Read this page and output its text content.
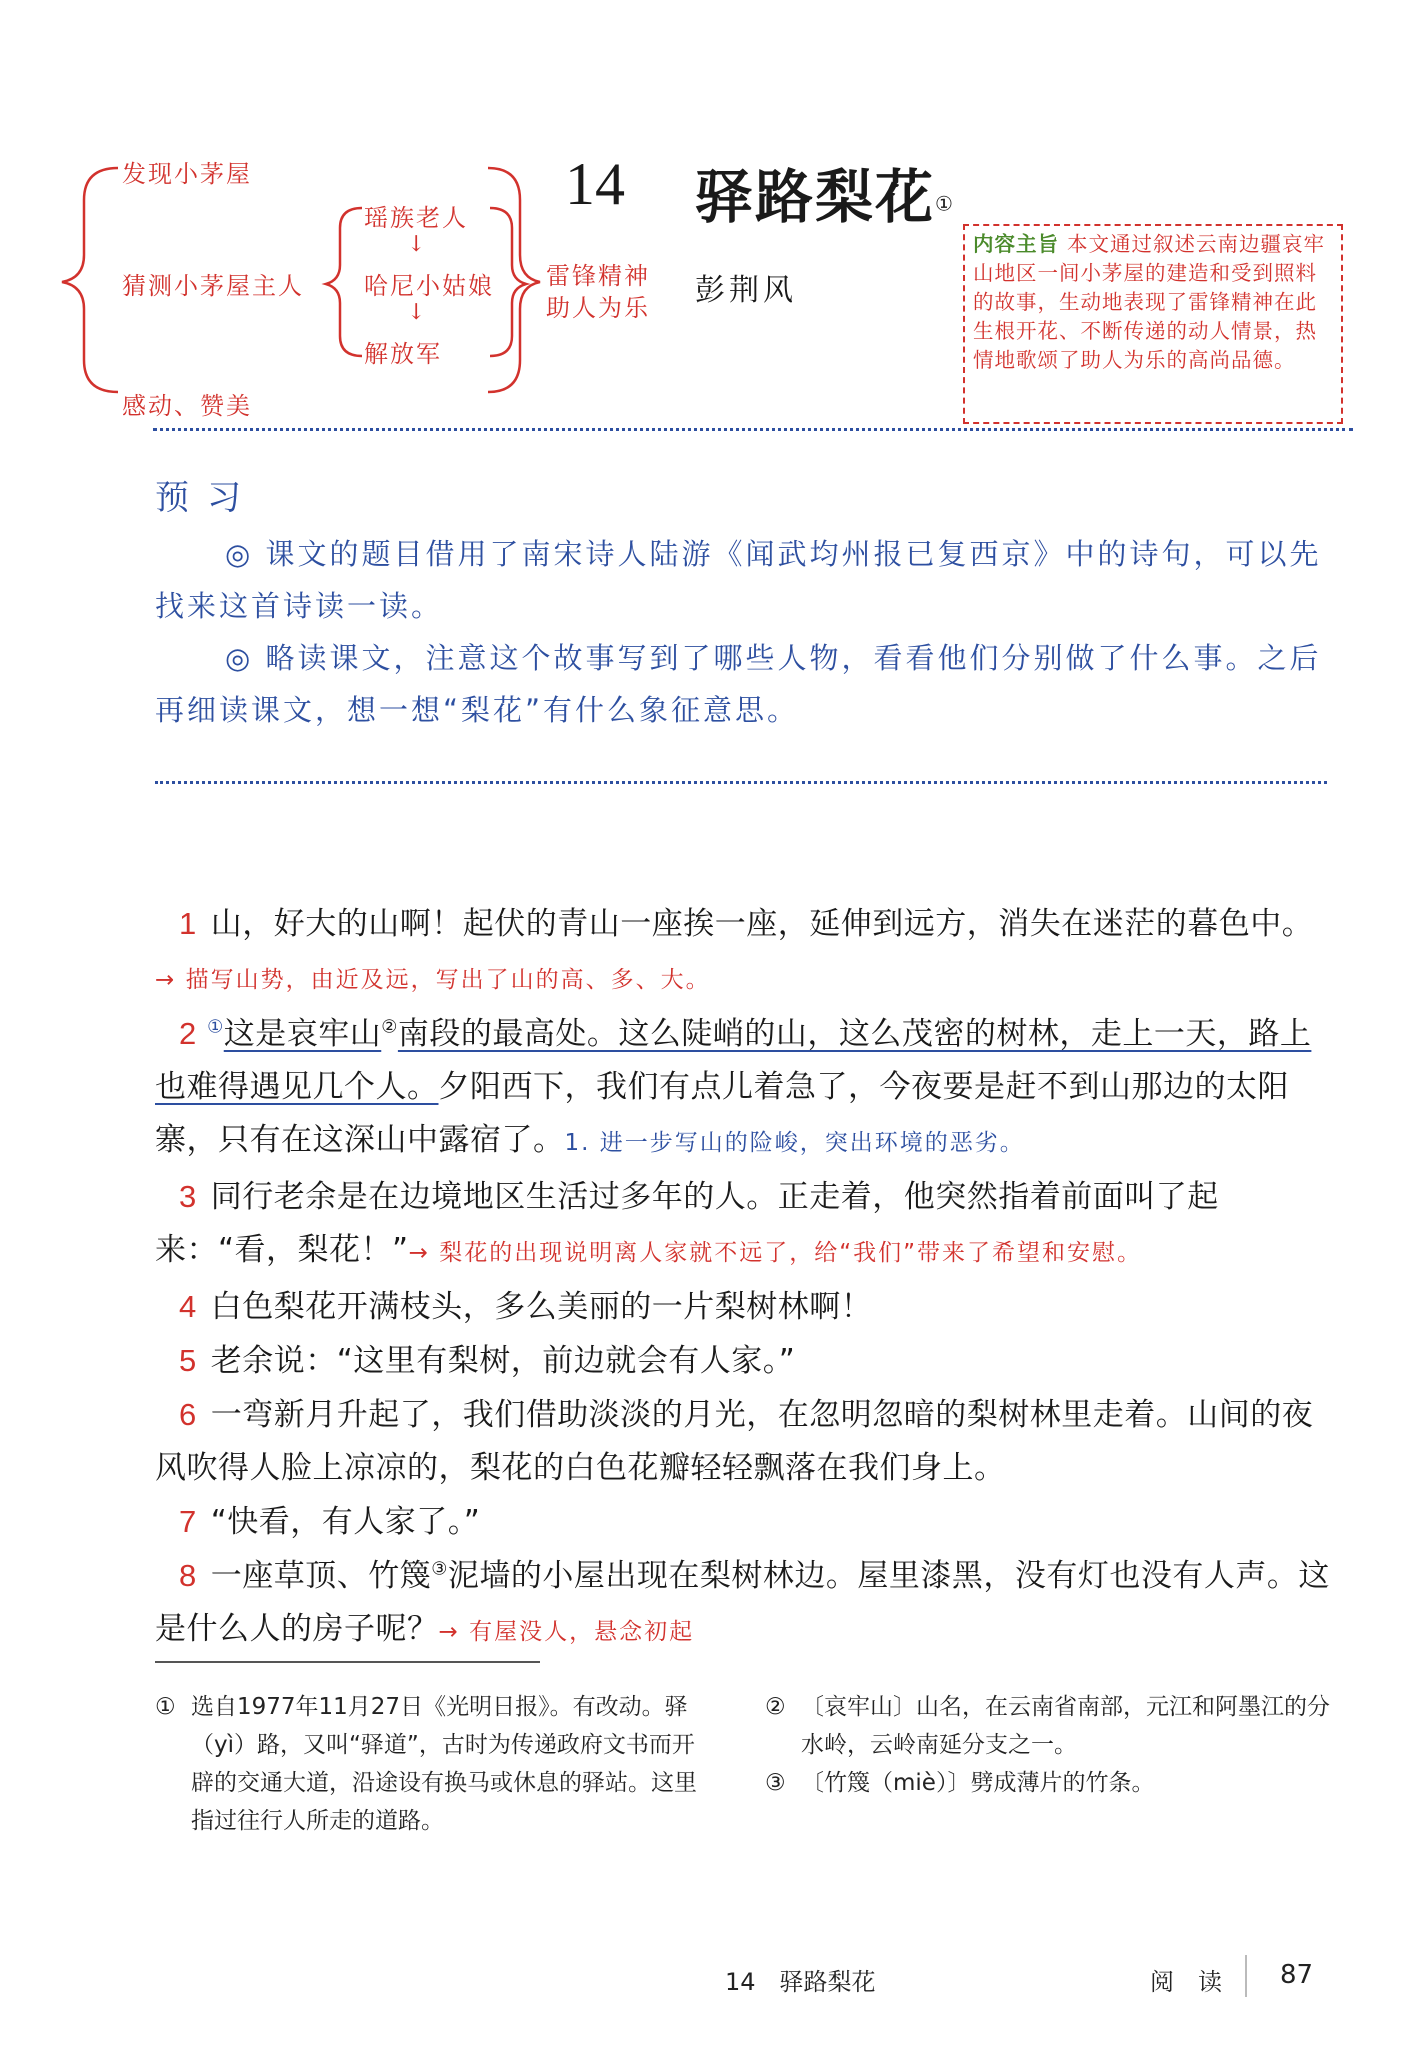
发现小茅屋
猜测小茅屋主人
感动、赞美
瑶族老人
↓
哈尼小姑娘
↓
解放军
雷锋精神
助人为乐
14 驿路梨花①
彭荆风
内容主旨 本文通过叙述云南边疆哀牢山地区一间小茅屋的建造和受到照料的故事，生动地表现了雷锋精神在此生根开花、不断传递的动人情景，热情地歌颂了助人为乐的高尚品德。
预习
◎ 课文的题目借用了南宋诗人陆游《闻武均州报已复西京》中的诗句，可以先找来这首诗读一读。
◎ 略读课文，注意这个故事写到了哪些人物，看看他们分别做了什么事。之后再细读课文，想一想“梨花”有什么象征意思。
1 山，好大的山啊！起伏的青山一座挨一座，延伸到远方，消失在迷茫的暮色中。→ 描写山势，由近及远，写出了山的高、多、大。
2 ①这是哀牢山②南段的最高处。这么陡峭的山，这么茂密的树林，走上一天，路上也难得遇见几个人。夕阳西下，我们有点儿着急了，今夜要是赶不到山那边的太阳寨，只有在这深山中露宿了。1. 进一步写山的险峻，突出环境的恶劣。
3 同行老余是在边境地区生活过多年的人。正走着，他突然指着前面叫了起来：“看，梨花！”→ 梨花的出现说明离人家就不远了，给“我们”带来了希望和安慰。
4 白色梨花开满枝头，多么美丽的一片梨树林啊！
5 老余说：“这里有梨树，前边就会有人家。”
6 一弯新月升起了，我们借助淡淡的月光，在忽明忽暗的梨树林里走着。山间的夜风吹得人脸上凉凉的，梨花的白色花瓣轻轻飘落在我们身上。
7 “快看，有人家了。”
8 一座草顶、竹篾③泥墙的小屋出现在梨树林边。屋里漆黑，没有灯也没有人声。这是什么人的房子呢？→ 有屋没人，悬念初起
① 选自1977年11月27日《光明日报》。有改动。驿（yì）路，又叫“驿道”，古时为传递政府文书而开辟的交通大道，沿途设有换马或休息的驿站。这里指过往行人所走的道路。
② 〔哀牢山〕山名，在云南省南部，元江和阿墨江的分水岭，云岭南延分支之一。
③ 〔竹篾（miè）〕劈成薄片的竹条。
14　驿路梨花	阅　读 87
